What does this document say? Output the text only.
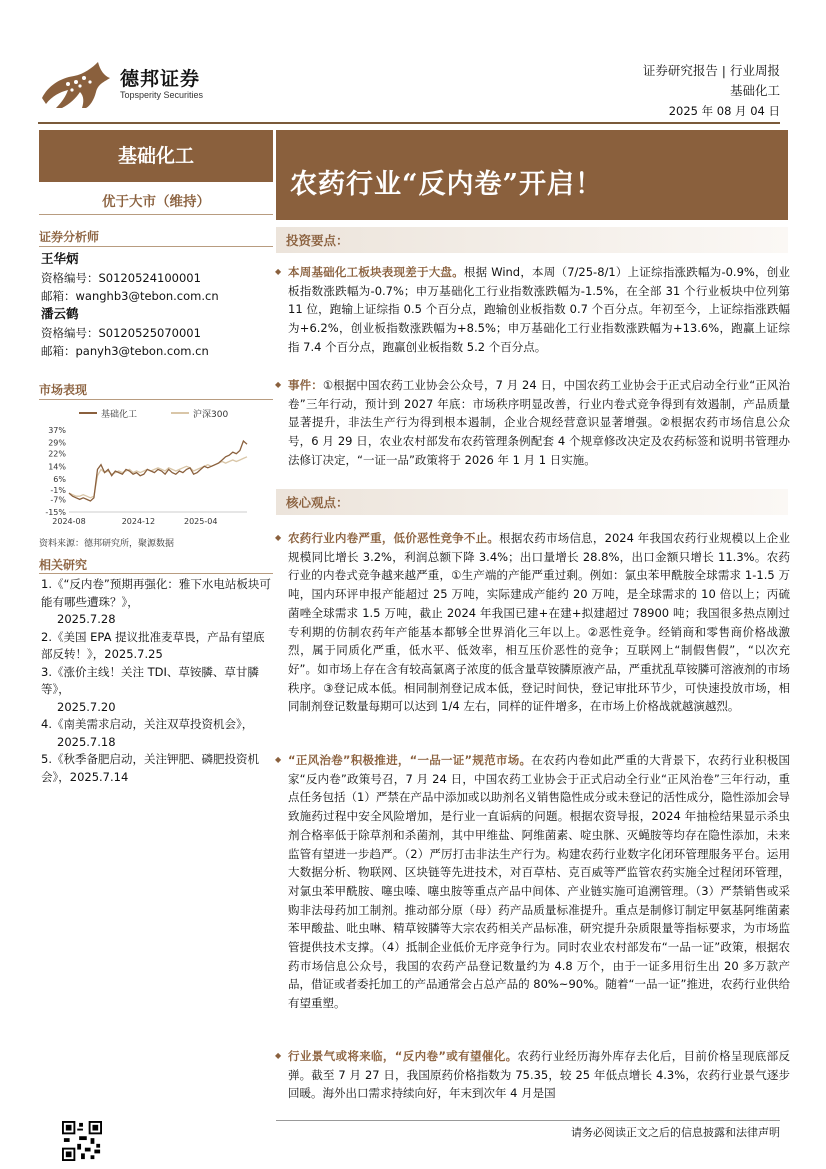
德邦证券
Topsperity Securities
证券研究报告 | 行业周报
基础化工
2025 年 08 月 04 日
基础化工
优于大市（维持）
证券分析师
王华炳
资格编号：S0120524100001
邮箱：wanghb3@tebon.com.cn
潘云鹤
资格编号：S0120525070001
邮箱：panyh3@tebon.com.cn
市场表现
基础化工	沪深300
37%
29%
22%
14%
6%
-1%
-7%
-15%
2024-08	2024-12	2025-04
资料来源：德邦研究所，聚源数据
相关研究
1.《“反内卷”预期再强化：雅下水电站板块可能有哪些遭珠？》，
2025.7.28
2.《美国 EPA 提议批准麦草畏，产品有望底部反转！》，2025.7.25
3.《涨价主线！关注 TDI、草铵膦、草甘膦等》，
2025.7.20
4.《南美需求启动，关注双草投资机会》，
2025.7.18
5.《秋季备肥启动，关注钾肥、磷肥投资机会》，2025.7.14
农药行业“反内卷”开启！
投资要点：
◆ 本周基础化工板块表现差于大盘。根据 Wind，本周（7/25-8/1）上证综指涨跌幅为-0.9%，创业板指数涨跌幅为-0.7%；申万基础化工行业指数涨跌幅为-1.5%，在全部 31 个行业板块中位列第 11 位，跑输上证综指 0.5 个百分点，跑输创业板指数 0.7 个百分点。年初至今，上证综指涨跌幅为+6.2%，创业板指数涨跌幅为+8.5%；申万基础化工行业指数涨跌幅为+13.6%，跑赢上证综指 7.4 个百分点，跑赢创业板指数 5.2 个百分点。
◆ 事件：①根据中国农药工业协会公众号，7 月 24 日，中国农药工业协会于正式启动全行业“正风治卷”三年行动，预计到 2027 年底：市场秩序明显改善，行业内卷式竞争得到有效遏制，产品质量显著提升，非法生产行为得到根本遏制，企业合规经营意识显著增强。②根据农药市场信息公众号，6 月 29 日，农业农村部发布农药管理条例配套 4 个规章修改决定及农药标签和说明书管理办法修订决定，“一证一品”政策将于 2026 年 1 月 1 日实施。
核心观点：
◆ 农药行业内卷严重，低价恶性竞争不止。根据农药市场信息，2024 年我国农药行业规模以上企业规模同比增长 3.2%，利润总额下降 3.4%；出口量增长 28.8%，出口金额只增长 11.3%。农药行业的内卷式竞争越来越严重，①生产端的产能严重过剩。例如：氯虫苯甲酰胺全球需求 1-1.5 万吨，国内环评申报产能超过 25 万吨，实际建成产能约 20 万吨，是全球需求的 10 倍以上；丙硫菌唑全球需求 1.5 万吨，截止 2024 年我国已建+在建+拟建超过 78900 吨；我国很多热点刚过专利期的仿制农药年产能基本都够全世界消化三年以上。②恶性竞争。经销商和零售商价格战激烈，属于同质化严重，低水平、低效率，相互压价恶性的竞争；互联网上“制假售假”，“以次充好”。如市场上存在含有较高氯离子浓度的低含量草铵膦原液产品，严重扰乱草铵膦可溶液剂的市场秩序。③登记成本低。相同制剂登记成本低，登记时间快，登记审批环节少，可快速投放市场，相同制剂登记数量每期可以达到 1/4 左右，同样的证件增多，在市场上价格战就越演越烈。
◆ “正风治卷”积极推进，“一品一证”规范市场。在农药内卷如此严重的大背景下，农药行业积极国家“反内卷”政策号召，7 月 24 日，中国农药工业协会于正式启动全行业“正风治卷”三年行动，重点任务包括（1）严禁在产品中添加或以助剂名义销售隐性成分或未登记的活性成分，隐性添加会导致施药过程中安全风险增加，是行业一直诟病的问题。根据农资导报，2024 年抽检结果显示杀虫剂合格率低于除草剂和杀菌剂，其中甲维盐、阿维菌素、啶虫脒、灭蝇胺等均存在隐性添加，未来监管有望进一步趋严。（2）严厉打击非法生产行为。构建农药行业数字化闭环管理服务平台。运用大数据分析、物联网、区块链等先进技术，对百草枯、克百威等严监管农药实施全过程闭环管理，对氯虫苯甲酰胺、噻虫嗪、噻虫胺等重点产品中间体、产业链实施可追溯管理。（3）严禁销售或采购非法母药加工制剂。推动部分原（母）药产品质量标准提升。重点是制修订制定甲氨基阿维菌素苯甲酸盐、吡虫啉、精草铵膦等大宗农药相关产品标准，研究提升杂质限量等指标要求，为市场监管提供技术支撑。（4）抵制企业低价无序竞争行为。同时农业农村部发布“一品一证”政策，根据农药市场信息公众号，我国的农药产品登记数量约为 4.8 万个，由于一证多用衍生出 20 多万款产品，借证或者委托加工的产品通常会占总产品的 80%~90%。随着“一品一证”推进，农药行业供给有望重塑。
◆ 行业景气或将来临，“反内卷”或有望催化。农药行业经历海外库存去化后，目前价格呈现底部反弹。截至 7 月 27 日，我国原药价格指数为 75.35，较 25 年低点增长 4.3%，农药行业景气逐步回暖。海外出口需求持续向好，年末到次年 4 月是国
请务必阅读正文之后的信息披露和法律声明
